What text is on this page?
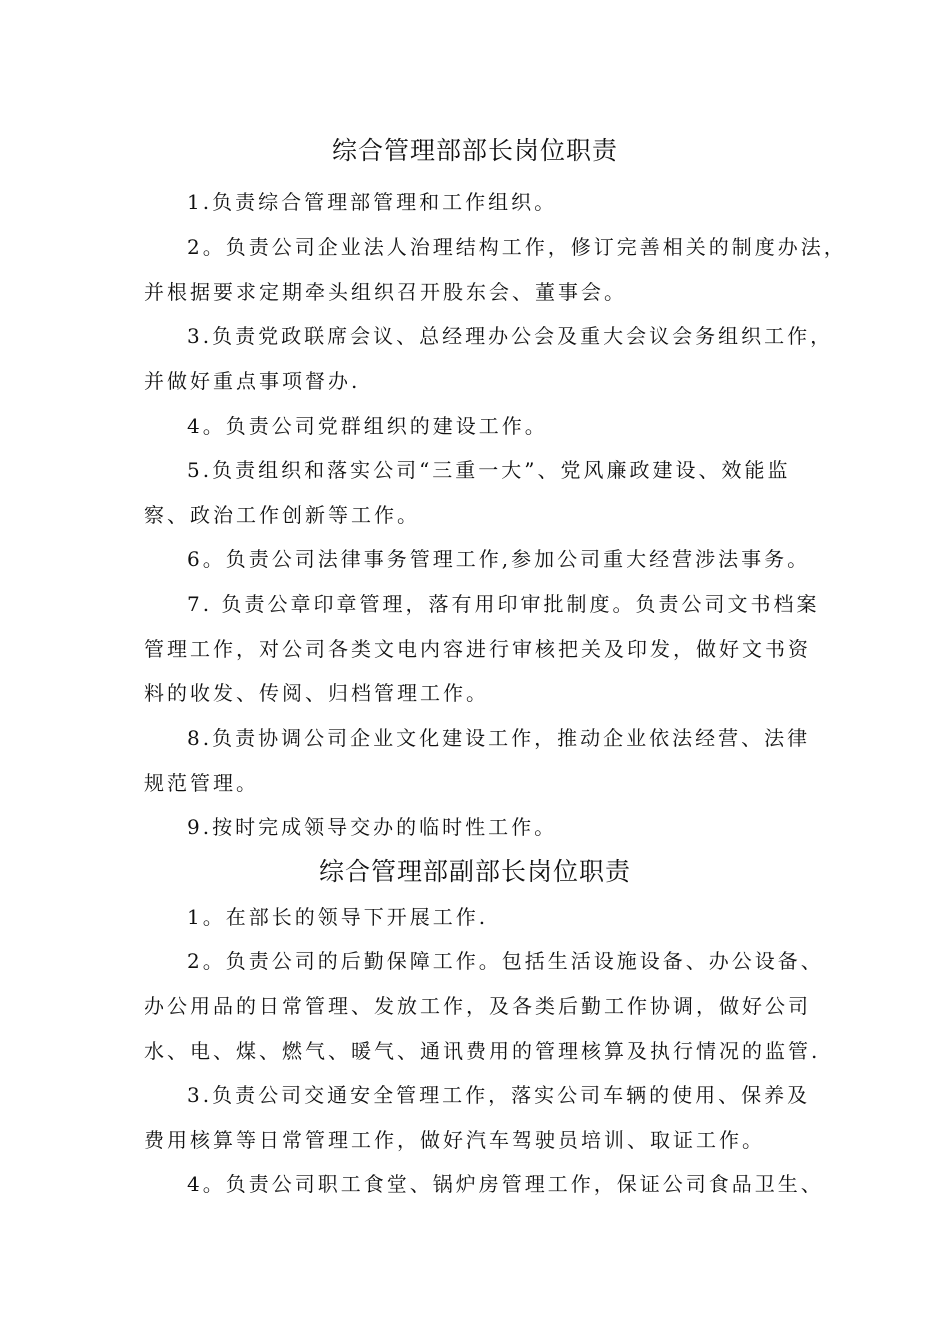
综合管理部部长岗位职责
1.负责综合管理部管理和工作组织。
2。负责公司企业法人治理结构工作，修订完善相关的制度办法，
并根据要求定期牵头组织召开股东会、董事会。
3.负责党政联席会议、总经理办公会及重大会议会务组织工作，
并做好重点事项督办.
4。负责公司党群组织的建设工作。
5.负责组织和落实公司“三重一大”、党风廉政建设、效能监
察、政治工作创新等工作。
6。负责公司法律事务管理工作,参加公司重大经营涉法事务。
7. 负责公章印章管理，落有用印审批制度。负责公司文书档案
管理工作，对公司各类文电内容进行审核把关及印发，做好文书资
料的收发、传阅、归档管理工作。
8.负责协调公司企业文化建设工作，推动企业依法经营、法律
规范管理。
9.按时完成领导交办的临时性工作。
综合管理部副部长岗位职责
1。在部长的领导下开展工作.
2。负责公司的后勤保障工作。包括生活设施设备、办公设备、
办公用品的日常管理、发放工作，及各类后勤工作协调，做好公司
水、电、煤、燃气、暖气、通讯费用的管理核算及执行情况的监管.
3.负责公司交通安全管理工作，落实公司车辆的使用、保养及
费用核算等日常管理工作，做好汽车驾驶员培训、取证工作。
4。负责公司职工食堂、锅炉房管理工作，保证公司食品卫生、
